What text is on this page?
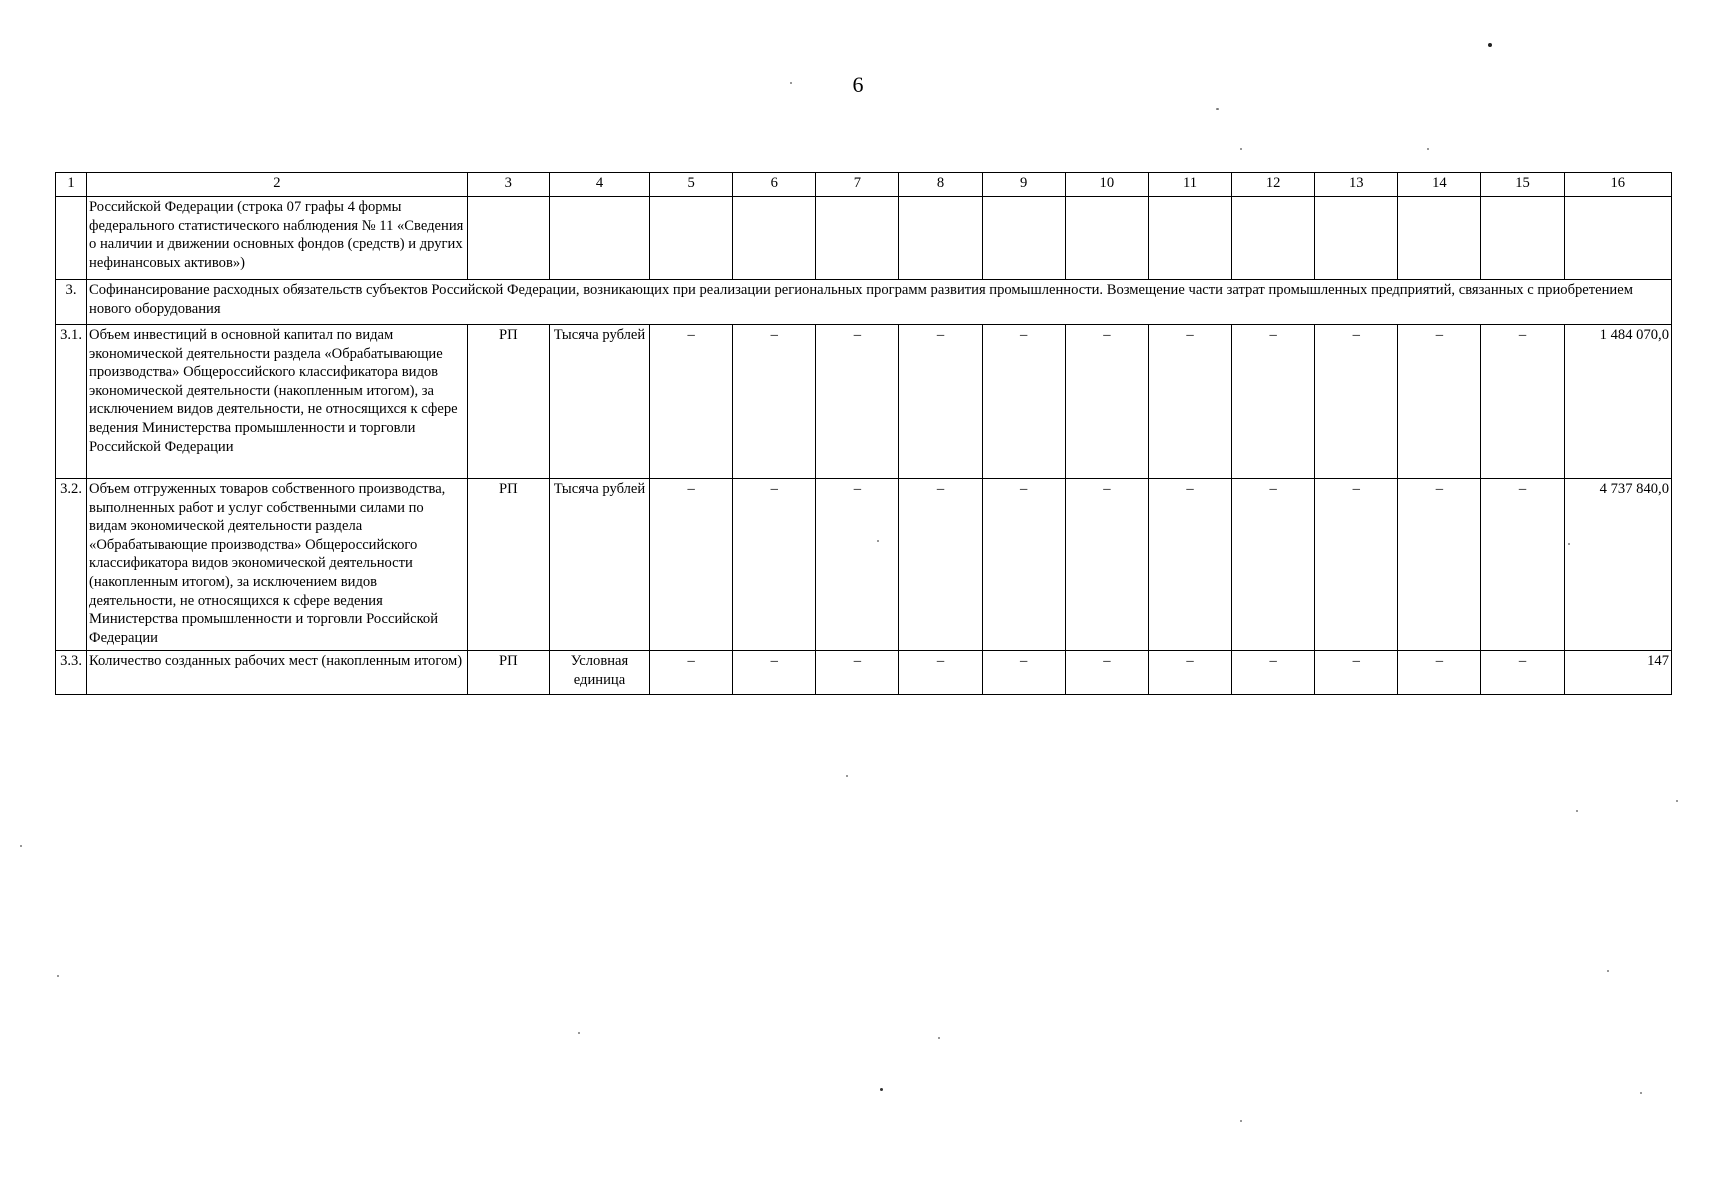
6
1	2	3	4	5	6	7	8	9	10	11	12	13	14	15	16
	Российской Федерации (строка 07 графы 4 формы федерального статистического наблюдения № 11 «Сведения о наличии и движении основных фондов (средств) и других нефинансовых активов»)														
3.	Софинансирование расходных обязательств субъектов Российской Федерации, возникающих при реализации региональных программ развития промышленности. Возмещение части затрат промышленных предприятий, связанных с приобретением нового оборудования														
3.1.	Объем инвестиций в основной капитал по видам экономической деятельности раздела «Обрабатывающие производства» Общероссийского классификатора видов экономической деятельности (накопленным итогом), за исключением видов деятельности, не относящихся к сфере ведения Министерства промышленности и торговли Российской Федерации	РП	Тысяча рублей	–	–	–	–	–	–	–	–	–	–	–	1 484 070,0
3.2.	Объем отгруженных товаров собственного производства, выполненных работ и услуг собственными силами по видам экономической деятельности раздела «Обрабатывающие производства» Общероссийского классификатора видов экономической деятельности (накопленным итогом), за исключением видов деятельности, не относящихся к сфере ведения Министерства промышленности и торговли Российской Федерации	РП	Тысяча рублей	–	–	–	–	–	–	–	–	–	–	–	4 737 840,0
3.3.	Количество созданных рабочих мест (накопленным итогом)	РП	Условная единица	–	–	–	–	–	–	–	–	–	–	–	147
